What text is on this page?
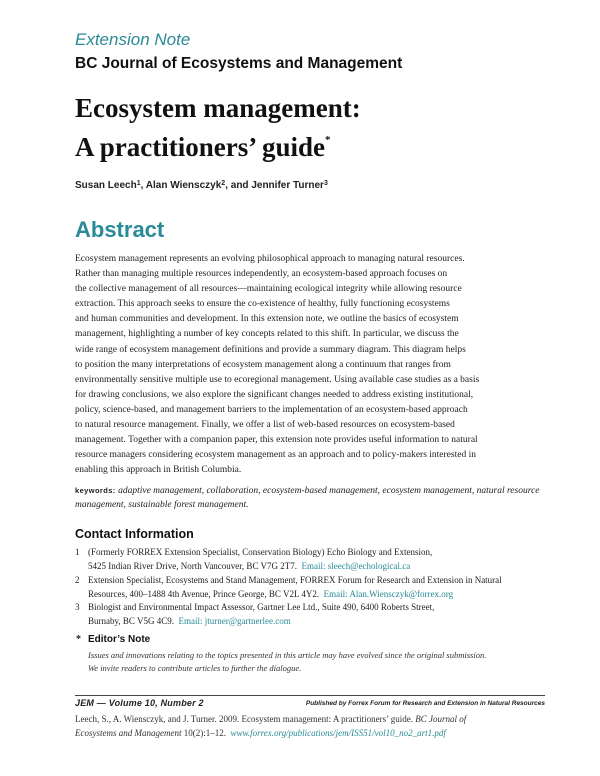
Extension Note
BC Journal of Ecosystems and Management
Ecosystem management:
A practitioners’ guide*
Susan Leech$^1$, Alan Wiensczyk$^2$, and Jennifer Turner$^3$
Abstract
Ecosystem management represents an evolving philosophical approach to managing natural resources.
Rather than managing multiple resources independently, an ecosystem-based approach focuses on
the collective management of all resources—maintaining ecological integrity while allowing resource
extraction. This approach seeks to ensure the co-existence of healthy, fully functioning ecosystems
and human communities and development. In this extension note, we outline the basics of ecosystem
management, highlighting a number of key concepts related to this shift. In particular, we discuss the
wide range of ecosystem management definitions and provide a summary diagram. This diagram helps
to position the many interpretations of ecosystem management along a continuum that ranges from
environmentally sensitive multiple use to ecoregional management. Using available case studies as a basis
for drawing conclusions, we also explore the significant changes needed to address existing institutional,
policy, science-based, and management barriers to the implementation of an ecosystem-based approach
to natural resource management. Finally, we offer a list of web-based resources on ecosystem-based
management. Together with a companion paper, this extension note provides useful information to natural
resource managers considering ecosystem management as an approach and to policy-makers interested in
enabling this approach in British Columbia.
keywords: adaptive management, collaboration, ecosystem-based management, ecosystem management, natural resource management, sustainable forest management.
Contact Information
1 (Formerly FORREX Extension Specialist, Conservation Biology) Echo Biology and Extension,
5425 Indian River Drive, North Vancouver, BC V7G 2T7. Email: sleech@echological.ca
2 Extension Specialist, Ecosystems and Stand Management, FORREX Forum for Research and Extension in Natural
Resources, 400–1488 4th Avenue, Prince George, BC V2L 4Y2. Email: Alan.Wiensczyk@forrex.org
3 Biologist and Environmental Impact Assessor, Gartner Lee Ltd., Suite 490, 6400 Roberts Street,
Burnaby, BC V5G 4C9. Email: jturner@gartnerlee.com
* Editor’s Note
Issues and innovations relating to the topics presented in this article may have evolved since the original submission.
We invite readers to contribute articles to further the dialogue.
JEM — Volume 10, Number 2	Published by Forrex Forum for Research and Extension in Natural Resources
Leech, S., A. Wiensczyk, and J. Turner. 2009. Ecosystem management: A practitioners’ guide. BC Journal of
Ecosystems and Management 10(2):1–12. www.forrex.org/publications/jem/ISS51/vol10_no2_art1.pdf
